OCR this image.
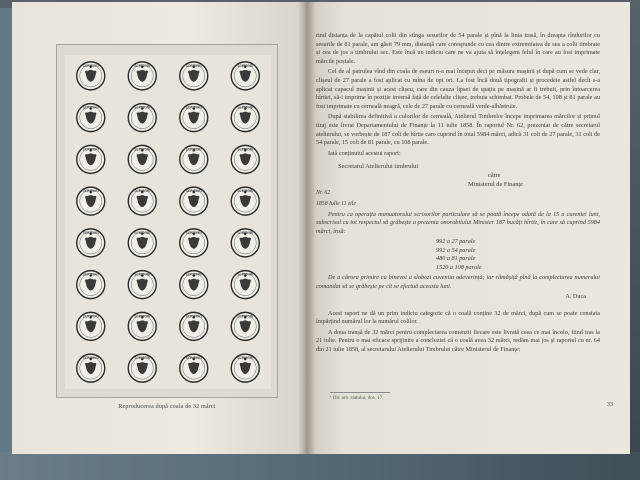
SCRISORI	SCRISORI	SCRISORI	SCRISORI
SCRISORI	SCRISORI	SCRISORI	SCRISORI
SCRISORI	SCRISORI	SCRISORI	SCRISORI
SCRISORI	SCRISORI	SCRISORI	SCRISORI
SCRISORI	SCRISORI	SCRISORI	SCRISORI
SCRISORI	SCRISORI	SCRISORI	SCRISORI
SCRISORI	SCRISORI	SCRISORI	SCRISORI
SCRISORI	SCRISORI	SCRISORI	SCRISORI
Reproducerea după coala de 32 mărci

rind distanța de la capătul colii din stînga sesurilor de 54 parale și pînă la linia trasă, în dreapta rîndurilor cu sesurile de 81 parale, am găsit 79 mm, distanță care corespunde cu cea dintre extremitatea de sus a colii timbrate și cea de jos a timbrului sec. Este încă un indiciu care ne va ajuta să înțelegem felul în care au fost imprimate mărcile poștale.

Cel de al patrulea vînd din coala de eseuri n-a mai început deci pe măsura mașinii și după cum se vede clar, clișeul de 27 parale a fost aplicat cu mîna de opt ori. La fost încă două tipografii și procedeie astfel decît s-a aplicat capacul mașinii și acest clișeu, care din cauza lipsei de spațiu pe mașină ar fi trebuit, prin întoarcerea hîrtiei, să-i imprime în poziție inversă față de celelalte clișee, trebuia schimbat. Probele de 54, 108 și 81 parale au fost imprimate cu cerneală neagră, cele de 27 parale cu cerneală verde-albăstruie.

După stabilirea definitivă a culorilor de cerneală, Atelierul Timbrelor începe imprimarea mărcilor și primul tiraj este livrat Departamentului de Finanțe la 11 iulie 1858. În raportul Nr. 62, prezentat de către secretarul atelierului, se vorbește de 187 coli de hîrtie care cuprind în total 5984 mărci, adică 31 coli de 27 parale, 31 coli de 54 parale, 15 coli de 81 parale, cu 108 parale.

Iată conținutul acestui raport:

Secretarul Atelierului timbrului
către
Ministerul de Finanțe
Nr. 62
1858 Iulie 11 zile

Pentru ca operația manuatorului scrisorilor particulare să se poată începe odată de la 15 a curentei luni, subscrisul cu tot respectul să grăbește a prezenta onorabilului Minister 187 bucăți hîrtie, în care să cuprind 5984 mărci, însă:

992 a 27 parale
992 a 54 parale
480 a 81 parale
1520 a 108 parale

De a cărora primire cu binevoi a slobozi cuvenita adeverință; iar rămășiță pînă la complectarea numerului comandat să se grăbește pe cît se efectuă aceasta luni.

A. Duca

Acest raport ne dă un prim indiciu categoric că o coală conține 32 de mărci, după cum se poate constata împărțind numărul lor la numărul colilor.

A doua tranșă de 32 mărci pentru complectarea comenzii fiecare este livrată ceea ce mai încolo, fiind tras la 21 iulie. Pentru o mai eficace sprijinire a concluziei că o coală avea 32 mărci, redăm mai jos și raportul cu nr. 64 din 21 iulie 1858, al secretarului Atelierului Timbrului către Ministerul de Finanțe:

¹ Dir. arh. statului, dos. 17.
33
